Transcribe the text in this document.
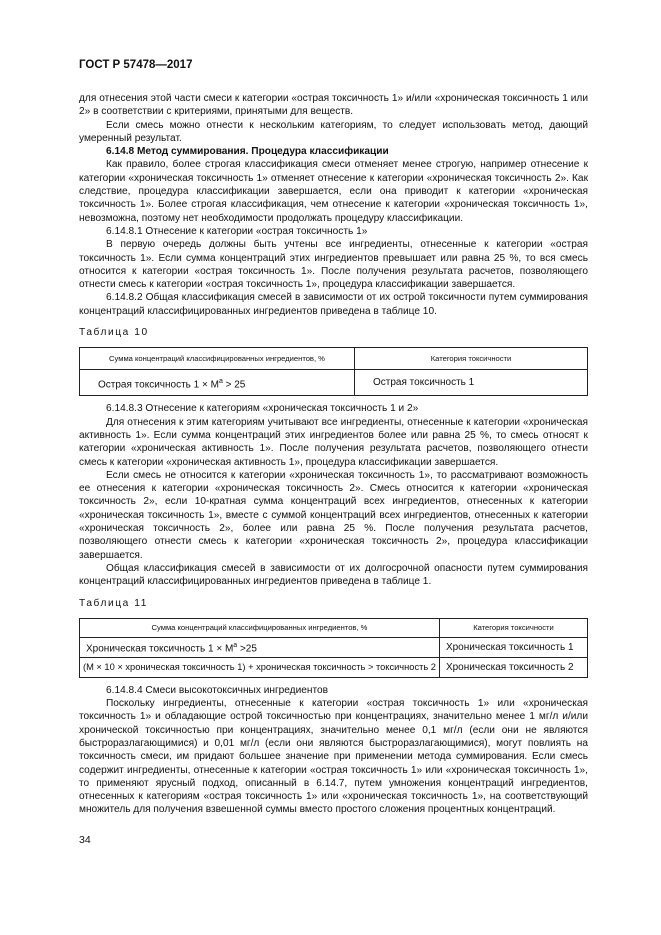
ГОСТ Р 57478—2017

для отнесения этой части смеси к категории «острая токсичность 1» и/или «хроническая токсичность 1 или 2» в соответствии с критериями, принятыми для веществ.

Если смесь можно отнести к нескольким категориям, то следует использовать метод, дающий умеренный результат.

6.14.8 Метод суммирования. Процедура классификации

Как правило, более строгая классификация смеси отменяет менее строгую, например отнесение к категории «хроническая токсичность 1» отменяет отнесение к категории «хроническая токсичность 2». Как следствие, процедура классификации завершается, если она приводит к категории «хроническая токсичность 1». Более строгая классификация, чем отнесение к категории «хроническая токсичность 1», невозможна, поэтому нет необходимости продолжать процедуру классификации.

6.14.8.1 Отнесение к категории «острая токсичность 1»

В первую очередь должны быть учтены все ингредиенты, отнесенные к категории «острая токсичность 1». Если сумма концентраций этих ингредиентов превышает или равна 25 %, то вся смесь относится к категории «острая токсичность 1». После получения результата расчетов, позволяющего отнести смесь к категории «острая токсичность 1», процедура классификации завершается.

6.14.8.2 Общая классификация смесей в зависимости от их острой токсичности путем суммирования концентраций классифицированных ингредиентов приведена в таблице 10.

Таблица 10
Сумма концентраций классифицированных ингредиентов, %	Категория токсичности
Острая токсичность $1 \times M^а > 25$	Острая токсичность 1

6.14.8.3 Отнесение к категориям «хроническая токсичность 1 и 2»

Для отнесения к этим категориям учитывают все ингредиенты, отнесенные к категории «хроническая активность 1». Если сумма концентраций этих ингредиентов более или равна 25 %, то смесь относят к категории «хроническая активность 1». После получения результата расчетов, позволяющего отнести смесь к категории «хроническая активность 1», процедура классификации завершается.

Если смесь не относится к категории «хроническая токсичность 1», то рассматривают возможность ее отнесения к категории «хроническая токсичность 2». Смесь относится к категории «хроническая токсичность 2», если 10-кратная сумма концентраций всех ингредиентов, отнесенных к категории «хроническая токсичность 1», вместе с суммой концентраций всех ингредиентов, отнесенных к категории «хроническая токсичность 2», более или равна 25 %. После получения результата расчетов, позволяющего отнести смесь к категории «хроническая токсичность 2», процедура классификации завершается.

Общая классификация смесей в зависимости от их долгосрочной опасности путем суммирования концентраций классифицированных ингредиентов приведена в таблице 1.

Таблица 11
Сумма концентраций классифицированных ингредиентов, %	Категория токсичности
Хроническая токсичность $1 \times M^а >25$	Хроническая токсичность 1
(M × 10 × хроническая токсичность 1) + хроническая токсичность > токсичность 2	Хроническая токсичность 2

6.14.8.4 Смеси высокотоксичных ингредиентов

Поскольку ингредиенты, отнесенные к категории «острая токсичность 1» или «хроническая токсичность 1» и обладающие острой токсичностью при концентрациях, значительно менее 1 мг/л и/или хронической токсичностью при концентрациях, значительно менее 0,1 мг/л (если они не являются быстроразлагающимися) и 0,01 мг/л (если они являются быстроразлагающимися), могут повлиять на токсичность смеси, им придают большее значение при применении метода суммирования. Если смесь содержит ингредиенты, отнесенные к категории «острая токсичность 1» или «хроническая токсичность 1», то применяют ярусный подход, описанный в 6.14.7, путем умножения концентраций ингредиентов, отнесенных к категориям «острая токсичность 1» или «хроническая токсичность 1», на соответствующий множитель для получения взвешенной суммы вместо простого сложения процентных концентраций.

34
